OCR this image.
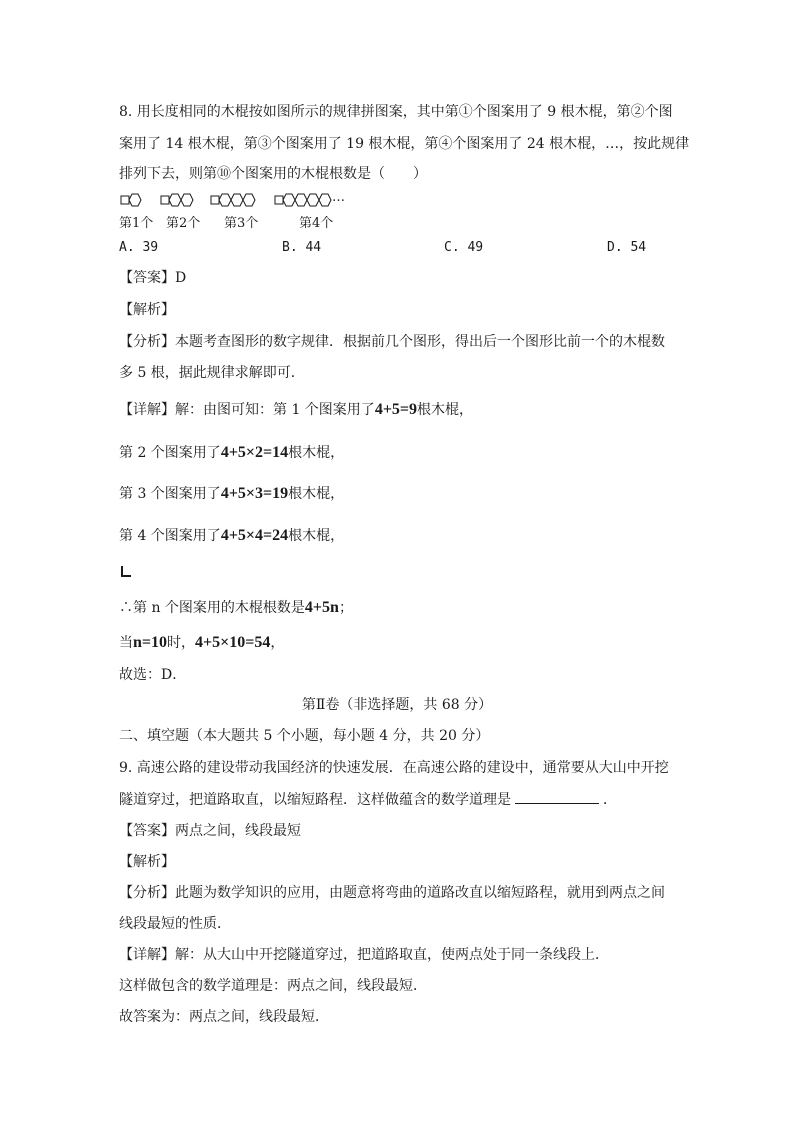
8. 用长度相同的木棍按如图所示的规律拼图案，其中第①个图案用了 9 根木棍，第②个图
案用了 14 根木棍，第③个图案用了 19 根木棍，第④个图案用了 24 根木棍，…，按此规律
排列下去，则第⑩个图案用的木棍根数是（　　）
…
第1个 第2个 第3个	第4个
A. 39	B. 44	C. 49	D. 54
【答案】D
【解析】
【分析】本题考查图形的数字规律．根据前几个图形，得出后一个图形比前一个的木棍数
多 5 根，据此规律求解即可．
【详解】解：由图可知：第 1 个图案用了4+5=9根木棍，
第 2 个图案用了4+5×2=14根木棍，
第 3 个图案用了4+5×3=19根木棍，
第 4 个图案用了4+5×4=24根木棍，
∴第 n 个图案用的木棍根数是4+5n；
当n=10时，4+5×10=54，
故选：D．
第Ⅱ卷（非选择题，共 68 分）
二、填空题（本大题共 5 个小题，每小题 4 分，共 20 分）
9. 高速公路的建设带动我国经济的快速发展．在高速公路的建设中，通常要从大山中开挖
隧道穿过，把道路取直，以缩短路程．这样做蕴含的数学道理是	．
【答案】两点之间，线段最短
【解析】
【分析】此题为数学知识的应用，由题意将弯曲的道路改直以缩短路程，就用到两点之间
线段最短的性质．
【详解】解：从大山中开挖隧道穿过，把道路取直，使两点处于同一条线段上．
这样做包含的数学道理是：两点之间，线段最短．
故答案为：两点之间，线段最短．
